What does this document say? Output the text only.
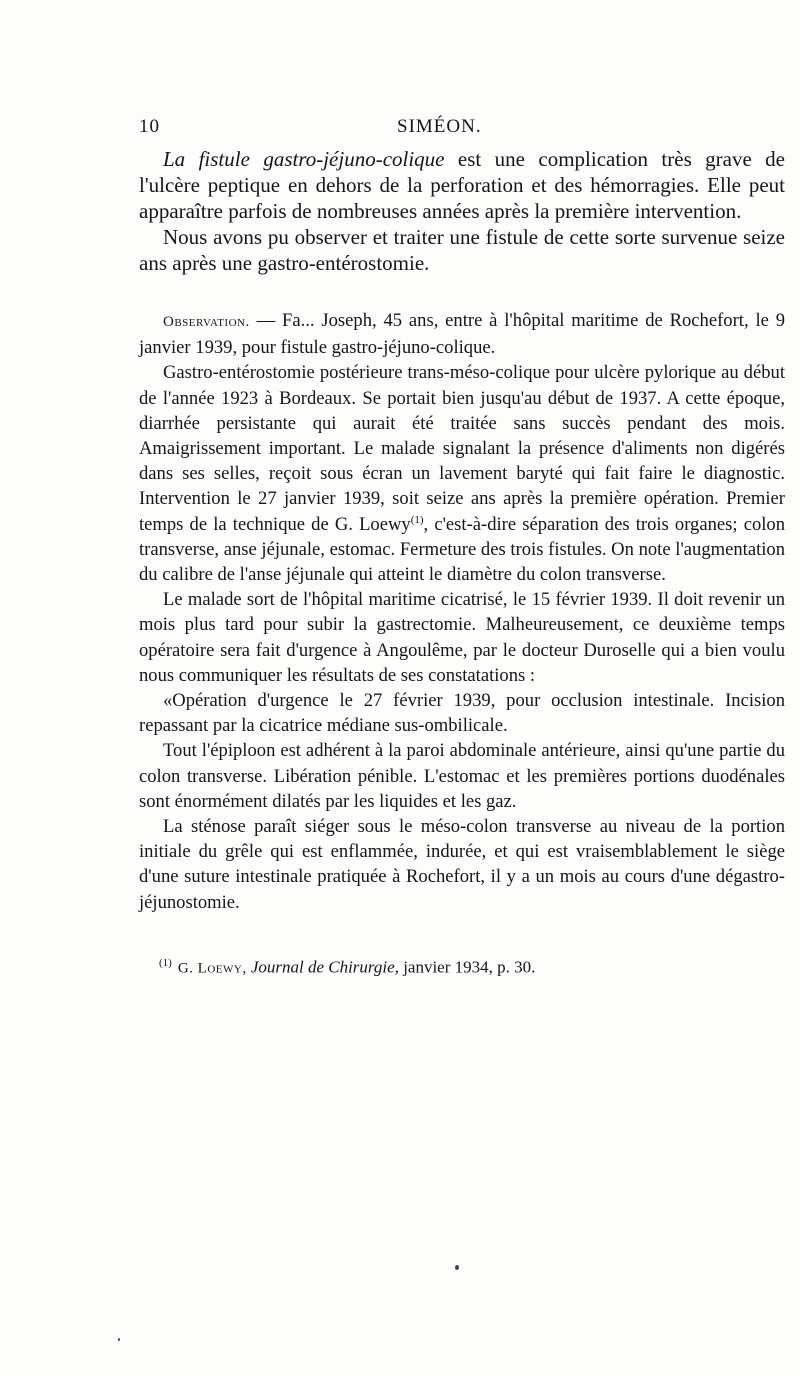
10	SIMÉON.

La fistule gastro-jéjuno-colique est une complication très grave de l'ulcère peptique en dehors de la perforation et des hémorragies. Elle peut apparaître parfois de nombreuses années après la première intervention.

Nous avons pu observer et traiter une fistule de cette sorte survenue seize ans après une gastro-entérostomie.

Observation. — Fa... Joseph, 45 ans, entre à l'hôpital maritime de Rochefort, le 9 janvier 1939, pour fistule gastro-jéjuno-colique.

Gastro-entérostomie postérieure trans-méso-colique pour ulcère pylorique au début de l'année 1923 à Bordeaux. Se portait bien jusqu'au début de 1937. A cette époque, diarrhée persistante qui aurait été traitée sans succès pendant des mois. Amaigrissement important. Le malade signalant la présence d'aliments non digérés dans ses selles, reçoit sous écran un lavement baryté qui fait faire le diagnostic. Intervention le 27 janvier 1939, soit seize ans après la première opération. Premier temps de la technique de G. Loewy$^{(1)}$, c'est-à-dire séparation des trois organes; colon transverse, anse jéjunale, estomac. Fermeture des trois fistules. On note l'augmentation du calibre de l'anse jéjunale qui atteint le diamètre du colon transverse.

Le malade sort de l'hôpital maritime cicatrisé, le 15 février 1939. Il doit revenir un mois plus tard pour subir la gastrectomie. Malheureusement, ce deuxième temps opératoire sera fait d'urgence à Angoulême, par le docteur Duroselle qui a bien voulu nous communiquer les résultats de ses constatations :

«Opération d'urgence le 27 février 1939, pour occlusion intestinale. Incision repassant par la cicatrice médiane sus-ombilicale.

Tout l'épiploon est adhérent à la paroi abdominale antérieure, ainsi qu'une partie du colon transverse. Libération pénible. L'estomac et les premières portions duodénales sont énormément dilatés par les liquides et les gaz.

La sténose paraît siéger sous le méso-colon transverse au niveau de la portion initiale du grêle qui est enflammée, indurée, et qui est vraisemblablement le siège d'une suture intestinale pratiquée à Rochefort, il y a un mois au cours d'une dégastro-jéjunostomie.

$^{(1)}$ G. Loewy, Journal de Chirurgie, janvier 1934, p. 30.
